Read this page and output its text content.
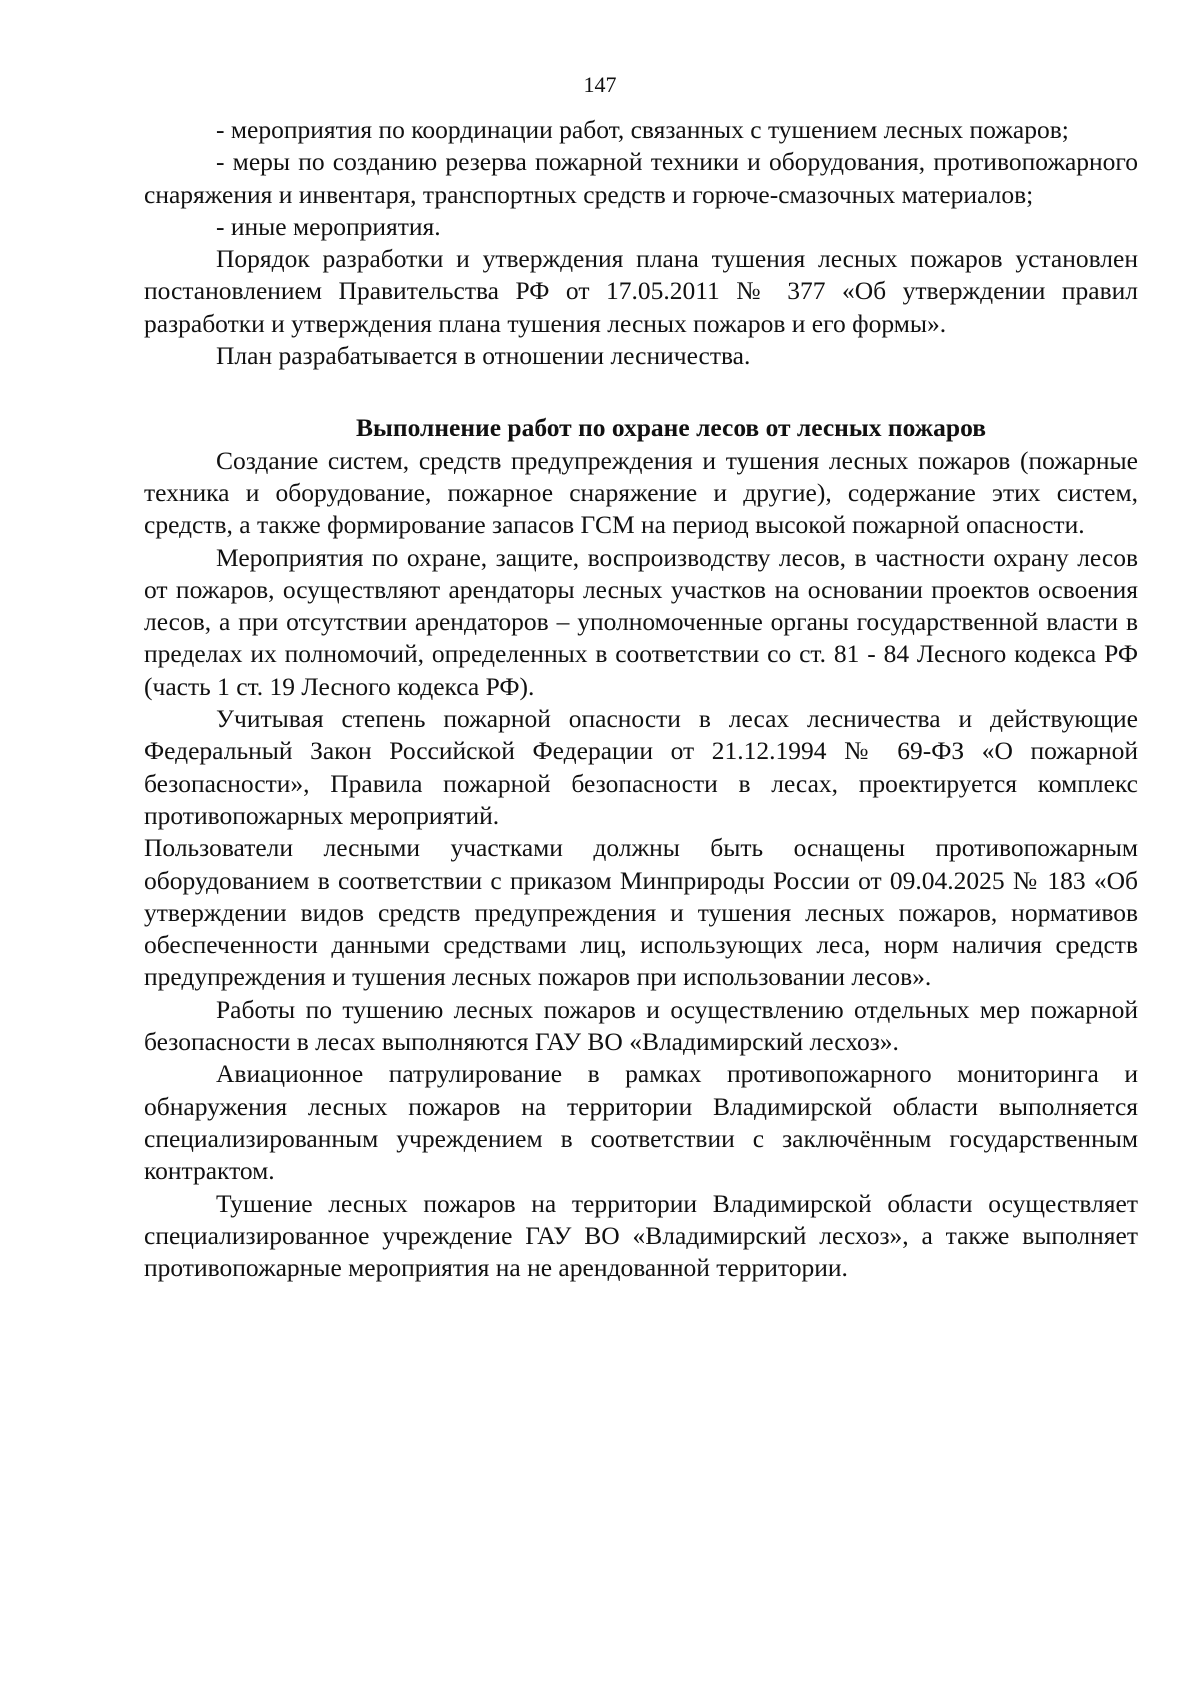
147

- мероприятия по координации работ, связанных с тушением лесных пожаров;

- меры по созданию резерва пожарной техники и оборудования, противопожарного снаряжения и инвентаря, транспортных средств и горюче-смазочных материалов;

- иные мероприятия.

Порядок разработки и утверждения плана тушения лесных пожаров установлен постановлением Правительства РФ от 17.05.2011 № 377 «Об утверждении правил разработки и утверждения плана тушения лесных пожаров и его формы».

План разрабатывается в отношении лесничества.

Выполнение работ по охране лесов от лесных пожаров

Создание систем, средств предупреждения и тушения лесных пожаров (пожарные техника и оборудование, пожарное снаряжение и другие), содержание этих систем, средств, а также формирование запасов ГСМ на период высокой пожарной опасности.

Мероприятия по охране, защите, воспроизводству лесов, в частности охрану лесов от пожаров, осуществляют арендаторы лесных участков на основании проектов освоения лесов, а при отсутствии арендаторов – уполномоченные органы государственной власти в пределах их полномочий, определенных в соответствии со ст. 81 - 84 Лесного кодекса РФ (часть 1 ст. 19 Лесного кодекса РФ).

Учитывая степень пожарной опасности в лесах лесничества и действующие Федеральный Закон Российской Федерации от 21.12.1994 № 69-ФЗ «О пожарной безопасности», Правила пожарной безопасности в лесах, проектируется комплекс противопожарных мероприятий.

Пользователи лесными участками должны быть оснащены противопожарным оборудованием в соответствии с приказом Минприроды России от 09.04.2025 № 183 «Об утверждении видов средств предупреждения и тушения лесных пожаров, нормативов обеспеченности данными средствами лиц, использующих леса, норм наличия средств предупреждения и тушения лесных пожаров при использовании лесов».

Работы по тушению лесных пожаров и осуществлению отдельных мер пожарной безопасности в лесах выполняются ГАУ ВО «Владимирский лесхоз».

Авиационное патрулирование в рамках противопожарного мониторинга и обнаружения лесных пожаров на территории Владимирской области выполняется специализированным учреждением в соответствии с заключённым государственным контрактом.

Тушение лесных пожаров на территории Владимирской области осуществляет специализированное учреждение ГАУ ВО «Владимирский лесхоз», а также выполняет противопожарные мероприятия на не арендованной территории.
